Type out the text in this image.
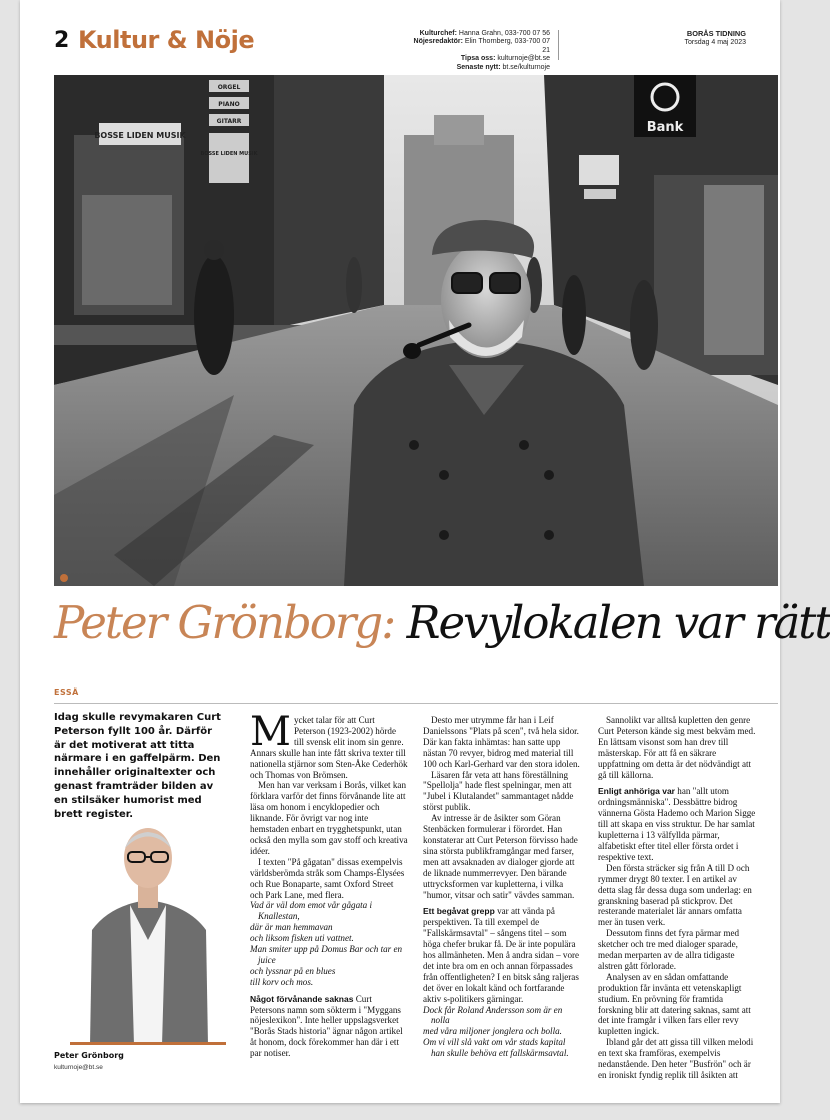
2 Kultur & Nöje	Kulturchef: Hanna Grahn, 033-700 07 56
Nöjesredaktör: Elin Thornberg, 033-700 07 21
Tipsa oss: kulturnoje@bt.se
Senaste nytt: bt.se/kulturnoje
BORÅS TIDNING
Torsdag 4 maj 2023
BOSSE LIDEN MUSIK
ORGEL
PIANO
GITARR
BOSSE LIDEN MUSIK
Bank
Peter Grönborg: Revylokalen var rätt
ESSÄ
Idag skulle revymakaren Curt Peterson fyllt 100 år. Därför är det motiverat att titta närmare i en gaffelpärm. Den innehåller originaltexter och genast framträder bilden av en stilsäker humorist med brett register.
Peter Grönborg
kulturnoje@bt.se

Mycket talar för att Curt Peterson (1923-2002) hörde till svensk elit inom sin genre. Annars skulle han inte fått skriva texter till nationella stjärnor som Sten-Åke Cederhök och Thomas von Brömsen.

Men han var verksam i Borås, vilket kan förklara varför det finns förvånande lite att läsa om honom i encyklopedier och liknande. För övrigt var nog inte hemstaden enbart en trygghetspunkt, utan också den mylla som gav stoff och kreativa idéer.

I texten "På gågatan" dissas exempelvis världsberömda stråk som Champs-Élysées och Rue Bonaparte, samt Oxford Street och Park Lane, med flera.

Vad är väl dom emot vår gågata i Knallestan,

där är man hemmavan

och liksom fisken uti vattnet.

Man smiter upp på Domus Bar och tar en juice

och lyssnar på en blues

till korv och mos.

Något förvånande saknas Curt Petersons namn som sökterm i "Myggans nöjeslexikon". Inte heller uppslagsverket "Borås Stads historia" ägnar någon artikel åt honom, dock förekommer han där i ett par notiser.

Desto mer utrymme får han i Leif Danielssons "Plats på scen", två hela sidor. Där kan fakta inhämtas: han satte upp nästan 70 revyer, bidrog med material till 100 och Karl-Gerhard var den stora idolen.

Läsaren får veta att hans föreställning "Spellolja" hade flest spelningar, men att "Jubel i Klutalandet" sammantaget nådde störst publik.

Av intresse är de åsikter som Göran Stenbäcken formulerar i förordet. Han konstaterar att Curt Peterson förvisso hade sina största publikframgångar med farser, men att avsaknaden av dialoger gjorde att de liknade nummerrevyer. Den bärande uttrycksformen var kupletterna, i vilka "humor, vitsar och satir" vävdes samman.

Ett begåvat grepp var att vända på perspektiven. Ta till exempel de "Fallskärmsavtal" – sångens titel – som höga chefer brukar få. De är inte populära hos allmänheten. Men å andra sidan – vore det inte bra om en och annan förpassades från offentligheten? I en bitsk sång raljeras det över en lokalt känd och fortfarande aktiv s-politikers gärningar.

Dock får Roland Andersson som är en nolla

med våra miljoner jonglera och bolla.

Om vi vill slå vakt om vår stads kapital han skulle behöva ett fallskärmsavtal.

Sannolikt var alltså kupletten den genre Curt Peterson kände sig mest bekväm med. En lättsam visonst som han drev till mästerskap. För att få en säkrare uppfattning om detta är det nödvändigt att gå till källorna.

Enligt anhöriga var han "allt utom ordningsmänniska". Dessbättre bidrog vännerna Gösta Hademo och Marion Sigge till att skapa en viss struktur. De har samlat kupletterna i 13 välfyllda pärmar, alfabetiskt efter titel eller första ordet i respektive text.

Den första sträcker sig från A till D och rymmer drygt 80 texter. I en artikel av detta slag får dessa duga som underlag: en granskning baserad på stickprov. Det resterande materialet lär annars omfatta mer än tusen verk.

Dessutom finns det fyra pärmar med sketcher och tre med dialoger sparade, medan merparten av de allra tidigaste alstren gått förlorade.

Analysen av en sådan omfattande produktion får invänta ett vetenskapligt studium. En prövning för framtida forskning blir att datering saknas, samt att det inte framgår i vilken fars eller revy kupletten ingick.

Ibland går det att gissa till vilken melodi en text ska framföras, exempelvis nedanstående. Den heter "Busfrön" och är en ironiskt fyndig replik till åsikten att
